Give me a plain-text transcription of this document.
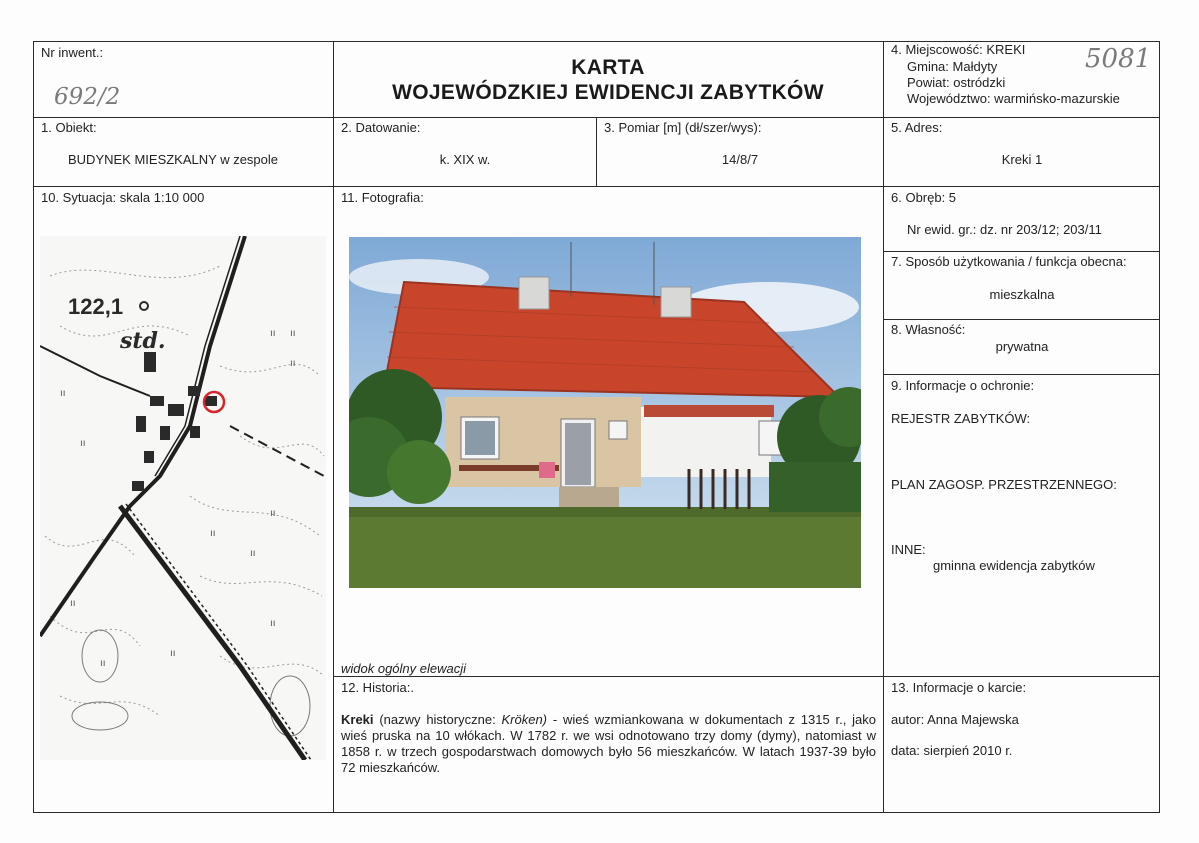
Nr inwent.:
692/2
KARTA
WOJEWÓDZKIEJ EWIDENCJI ZABYTKÓW
4. Miejscowość: KREKI
Gmina: Małdyty
Powiat: ostródzki
Województwo: warmińsko-mazurskie
5081
1. Obiekt:
BUDYNEK MIESZKALNY w zespole
2. Datowanie:
k. XIX w.
3. Pomiar [m] (dł/szer/wys):
14/8/7
5. Adres:
Kreki 1
10. Sytuacja: skala 1:10 000
122,1
std.	ıı
ıı
ıı
ıı
ıı
ıı
ıı
ıı
ıı
ıı
ıı
ıı
11. Fotografia:
widok ogólny elewacji
6. Obręb: 5
Nr ewid. gr.: dz. nr 203/12; 203/11
7. Sposób użytkowania / funkcja obecna:
mieszkalna
8. Własność:
prywatna
9. Informacje o ochronie:
REJESTR ZABYTKÓW:
PLAN ZAGOSP. PRZESTRZENNEGO:
INNE:
gminna ewidencja zabytków
12. Historia:.
Kreki (nazwy historyczne: Kröken) - wieś wzmiankowana w dokumentach z 1315 r., jako wieś pruska na 10 włókach. W 1782 r. we wsi odnotowano trzy domy (dymy), natomiast w 1858 r. w trzech gospodarstwach domowych było 56 mieszkańców. W latach 1937-39 było 72 mieszkańców.
13. Informacje o karcie:
autor: Anna Majewska
data: sierpień 2010 r.
